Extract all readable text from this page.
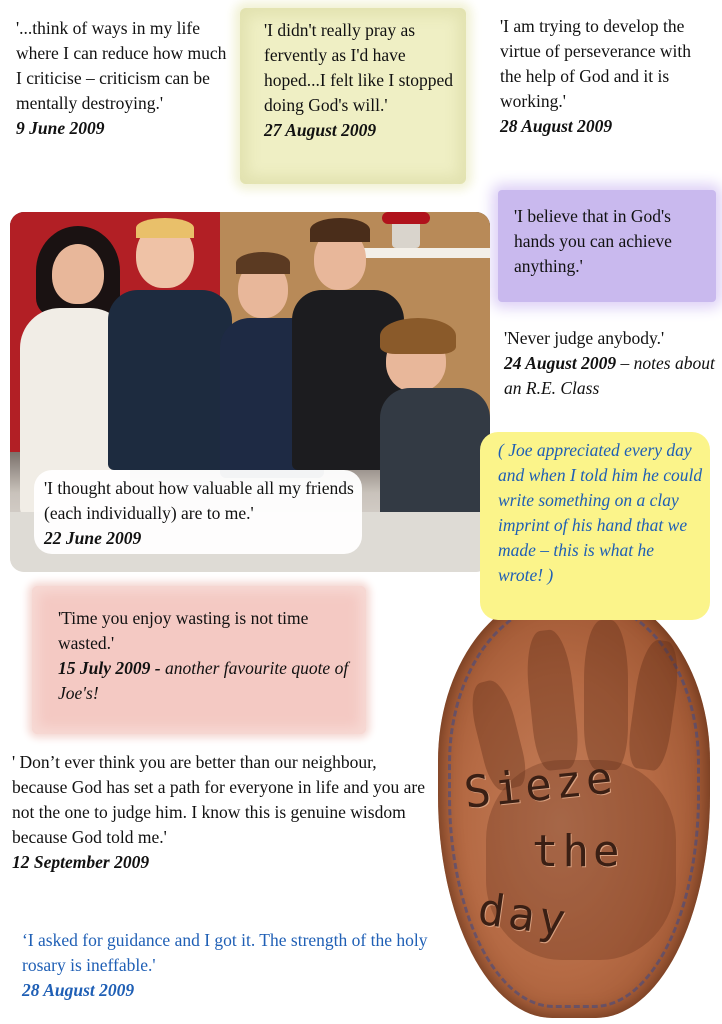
'...think of ways in my life where I can reduce how much I criticise – criticism can be mentally destroying.'
9 June 2009
'I didn't really pray as fervently as I'd have hoped...I felt like I stopped doing God's will.'
27 August 2009
'I am trying to develop the virtue of perseverance with the help of God and it is working.'
28 August 2009
'I believe that in God's hands you can achieve anything.'
'Never judge anybody.'
24 August 2009 – notes about an R.E. Class
'I thought about how valuable all my friends (each individually) are to me.'
22 June 2009
Sieze
the
day
( Joe appreciated every day and when I told him he could write something on a clay imprint of his hand that we made – this is what he wrote! )
'Time you enjoy wasting is not time wasted.'
15 July 2009 - another favourite quote of Joe's!
' Don’t ever think you are better than our neighbour, because God has set a path for everyone in life and you are not the one to judge him. I know this is genuine wisdom because God told me.'
12 September 2009
‘I asked for guidance and I got it. The strength of the holy rosary is ineffable.'
28 August 2009
